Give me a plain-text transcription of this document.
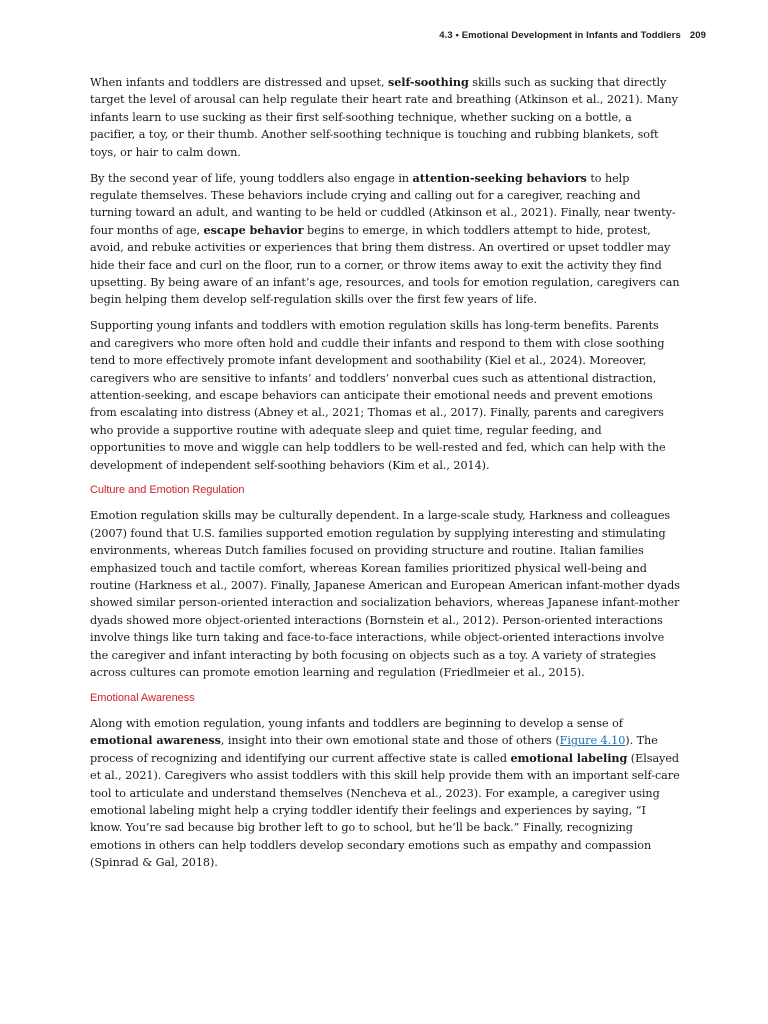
4.3 • Emotional Development in Infants and Toddlers 209

When infants and toddlers are distressed and upset, self-soothing skills such as sucking that directly target the level of arousal can help regulate their heart rate and breathing (Atkinson et al., 2021). Many infants learn to use sucking as their first self-soothing technique, whether sucking on a bottle, a pacifier, a toy, or their thumb. Another self-soothing technique is touching and rubbing blankets, soft toys, or hair to calm down.

By the second year of life, young toddlers also engage in attention-seeking behaviors to help regulate themselves. These behaviors include crying and calling out for a caregiver, reaching and turning toward an adult, and wanting to be held or cuddled (Atkinson et al., 2021). Finally, near twenty-four months of age, escape behavior begins to emerge, in which toddlers attempt to hide, protest, avoid, and rebuke activities or experiences that bring them distress. An overtired or upset toddler may hide their face and curl on the floor, run to a corner, or throw items away to exit the activity they find upsetting. By being aware of an infant’s age, resources, and tools for emotion regulation, caregivers can begin helping them develop self-regulation skills over the first few years of life.

Supporting young infants and toddlers with emotion regulation skills has long-term benefits. Parents and caregivers who more often hold and cuddle their infants and respond to them with close soothing tend to more effectively promote infant development and soothability (Kiel et al., 2024). Moreover, caregivers who are sensitive to infants’ and toddlers’ nonverbal cues such as attentional distraction, attention-seeking, and escape behaviors can anticipate their emotional needs and prevent emotions from escalating into distress (Abney et al., 2021; Thomas et al., 2017). Finally, parents and caregivers who provide a supportive routine with adequate sleep and quiet time, regular feeding, and opportunities to move and wiggle can help toddlers to be well-rested and fed, which can help with the development of independent self-soothing behaviors (Kim et al., 2014).

Culture and Emotion Regulation

Emotion regulation skills may be culturally dependent. In a large-scale study, Harkness and colleagues (2007) found that U.S. families supported emotion regulation by supplying interesting and stimulating environments, whereas Dutch families focused on providing structure and routine. Italian families emphasized touch and tactile comfort, whereas Korean families prioritized physical well-being and routine (Harkness et al., 2007). Finally, Japanese American and European American infant-mother dyads showed similar person-oriented interaction and socialization behaviors, whereas Japanese infant-mother dyads showed more object-oriented interactions (Bornstein et al., 2012). Person-oriented interactions involve things like turn taking and face-to-face interactions, while object-oriented interactions involve the caregiver and infant interacting by both focusing on objects such as a toy. A variety of strategies across cultures can promote emotion learning and regulation (Friedlmeier et al., 2015).

Emotional Awareness

Along with emotion regulation, young infants and toddlers are beginning to develop a sense of emotional awareness, insight into their own emotional state and those of others (Figure 4.10). The process of recognizing and identifying our current affective state is called emotional labeling (Elsayed et al., 2021). Caregivers who assist toddlers with this skill help provide them with an important self-care tool to articulate and understand themselves (Nencheva et al., 2023). For example, a caregiver using emotional labeling might help a crying toddler identify their feelings and experiences by saying, “I know. You’re sad because big brother left to go to school, but he’ll be back.” Finally, recognizing emotions in others can help toddlers develop secondary emotions such as empathy and compassion (Spinrad & Gal, 2018).
